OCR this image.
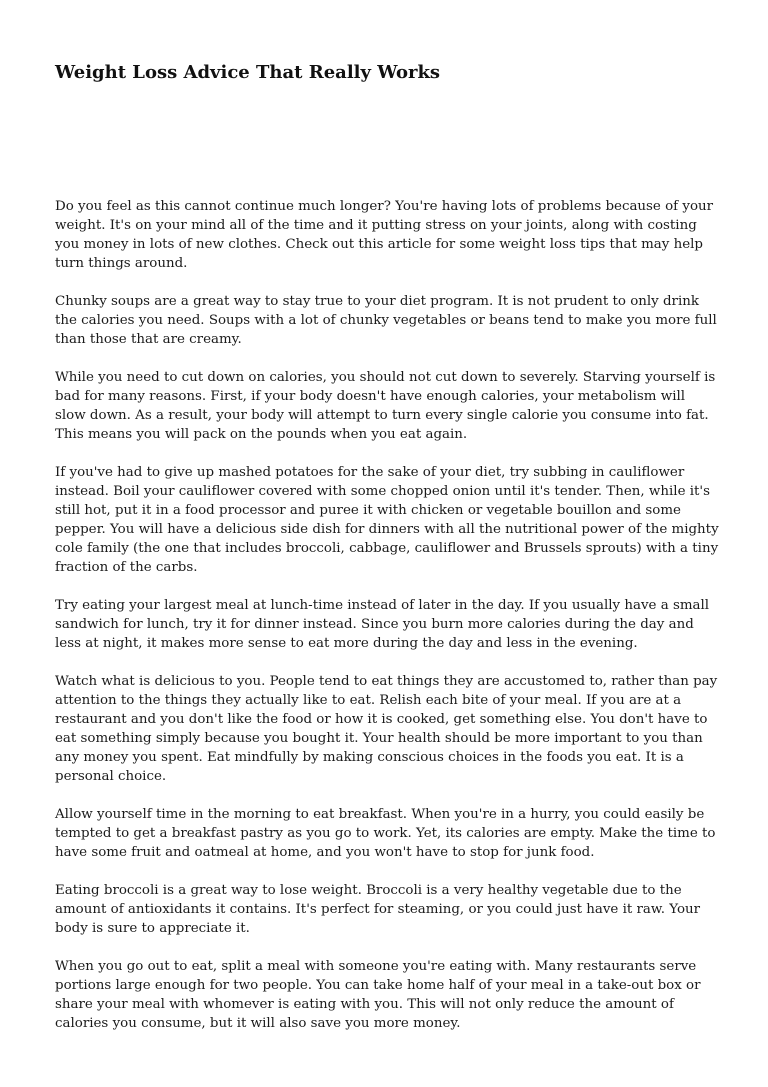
Weight Loss Advice That Really Works

Do you feel as this cannot continue much longer? You're having lots of problems because of your weight. It's on your mind all of the time and it putting stress on your joints, along with costing you money in lots of new clothes. Check out this article for some weight loss tips that may help turn things around.

Chunky soups are a great way to stay true to your diet program. It is not prudent to only drink the calories you need. Soups with a lot of chunky vegetables or beans tend to make you more full than those that are creamy.

While you need to cut down on calories, you should not cut down to severely. Starving yourself is bad for many reasons. First, if your body doesn't have enough calories, your metabolism will slow down. As a result, your body will attempt to turn every single calorie you consume into fat. This means you will pack on the pounds when you eat again.

If you've had to give up mashed potatoes for the sake of your diet, try subbing in cauliflower instead. Boil your cauliflower covered with some chopped onion until it's tender. Then, while it's still hot, put it in a food processor and puree it with chicken or vegetable bouillon and some pepper. You will have a delicious side dish for dinners with all the nutritional power of the mighty cole family (the one that includes broccoli, cabbage, cauliflower and Brussels sprouts) with a tiny fraction of the carbs.

Try eating your largest meal at lunch-time instead of later in the day. If you usually have a small sandwich for lunch, try it for dinner instead. Since you burn more calories during the day and less at night, it makes more sense to eat more during the day and less in the evening.

Watch what is delicious to you. People tend to eat things they are accustomed to, rather than pay attention to the things they actually like to eat. Relish each bite of your meal. If you are at a restaurant and you don't like the food or how it is cooked, get something else. You don't have to eat something simply because you bought it. Your health should be more important to you than any money you spent. Eat mindfully by making conscious choices in the foods you eat. It is a personal choice.

Allow yourself time in the morning to eat breakfast. When you're in a hurry, you could easily be tempted to get a breakfast pastry as you go to work. Yet, its calories are empty. Make the time to have some fruit and oatmeal at home, and you won't have to stop for junk food.

Eating broccoli is a great way to lose weight. Broccoli is a very healthy vegetable due to the amount of antioxidants it contains. It's perfect for steaming, or you could just have it raw. Your body is sure to appreciate it.

When you go out to eat, split a meal with someone you're eating with. Many restaurants serve portions large enough for two people. You can take home half of your meal in a take-out box or share your meal with whomever is eating with you. This will not only reduce the amount of calories you consume, but it will also save you more money.
